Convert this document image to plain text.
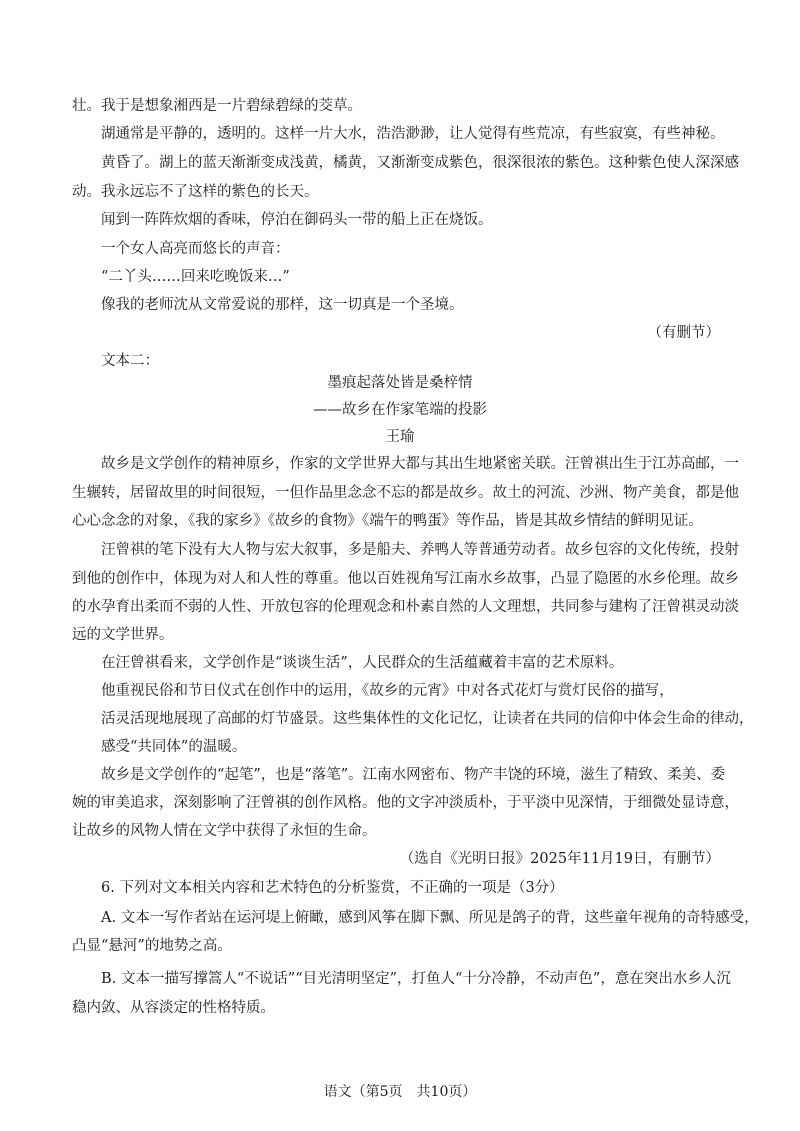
壮。我于是想象湘西是一片碧绿碧绿的茭草。
湖通常是平静的，透明的。这样一片大水，浩浩渺渺，让人觉得有些荒凉，有些寂寞，有些神秘。
黄昏了。湖上的蓝天渐渐变成浅黄，橘黄，又渐渐变成紫色，很深很浓的紫色。这种紫色使人深深感
动。我永远忘不了这样的紫色的长天。
闻到一阵阵炊烟的香味，停泊在御码头一带的船上正在烧饭。
一个女人高亮而悠长的声音：
“二丫头……回来吃晚饭来…”
像我的老师沈从文常爱说的那样，这一切真是一个圣境。
（有删节）
文本二：
墨痕起落处皆是桑梓情
——故乡在作家笔端的投影
王瑜
故乡是文学创作的精神原乡，作家的文学世界大都与其出生地紧密关联。汪曾祺出生于江苏高邮，一
生辗转，居留故里的时间很短，一但作品里念念不忘的都是故乡。故土的河流、沙洲、物产美食，都是他
心心念念的对象，《我的家乡》《故乡的食物》《端午的鸭蛋》等作品，皆是其故乡情结的鲜明见证。
汪曾祺的笔下没有大人物与宏大叙事，多是船夫、养鸭人等普通劳动者。故乡包容的文化传统，投射
到他的创作中，体现为对人和人性的尊重。他以百姓视角写江南水乡故事，凸显了隐匿的水乡伦理。故乡
的水孕育出柔而不弱的人性、开放包容的伦理观念和朴素自然的人文理想，共同参与建构了汪曾祺灵动淡
远的文学世界。
在汪曾祺看来，文学创作是“谈谈生活”，人民群众的生活蕴藏着丰富的艺术原料。
他重视民俗和节日仪式在创作中的运用，《故乡的元宵》中对各式花灯与赏灯民俗的描写，
活灵活现地展现了高邮的灯节盛景。这些集体性的文化记忆，让读者在共同的信仰中体会生命的律动，
感受“共同体”的温暖。
故乡是文学创作的“起笔”，也是“落笔”。江南水网密布、物产丰饶的环境，滋生了精致、柔美、委
婉的审美追求，深刻影响了汪曾祺的创作风格。他的文字冲淡质朴，于平淡中见深情，于细微处显诗意，
让故乡的风物人情在文学中获得了永恒的生命。
（选自《光明日报》2025年11月19日，有删节）
6. 下列对文本相关内容和艺术特色的分析鉴赏，不正确的一项是（3分）
A. 文本一写作者站在运河堤上俯瞰，感到风筝在脚下飘、所见是鸽子的背，这些童年视角的奇特感受，
凸显“悬河”的地势之高。
B. 文本一描写撑篙人“不说话”“目光清明坚定”，打鱼人“十分冷静，不动声色”，意在突出水乡人沉
稳内敛、从容淡定的性格特质。
语文（第5页　共10页）
